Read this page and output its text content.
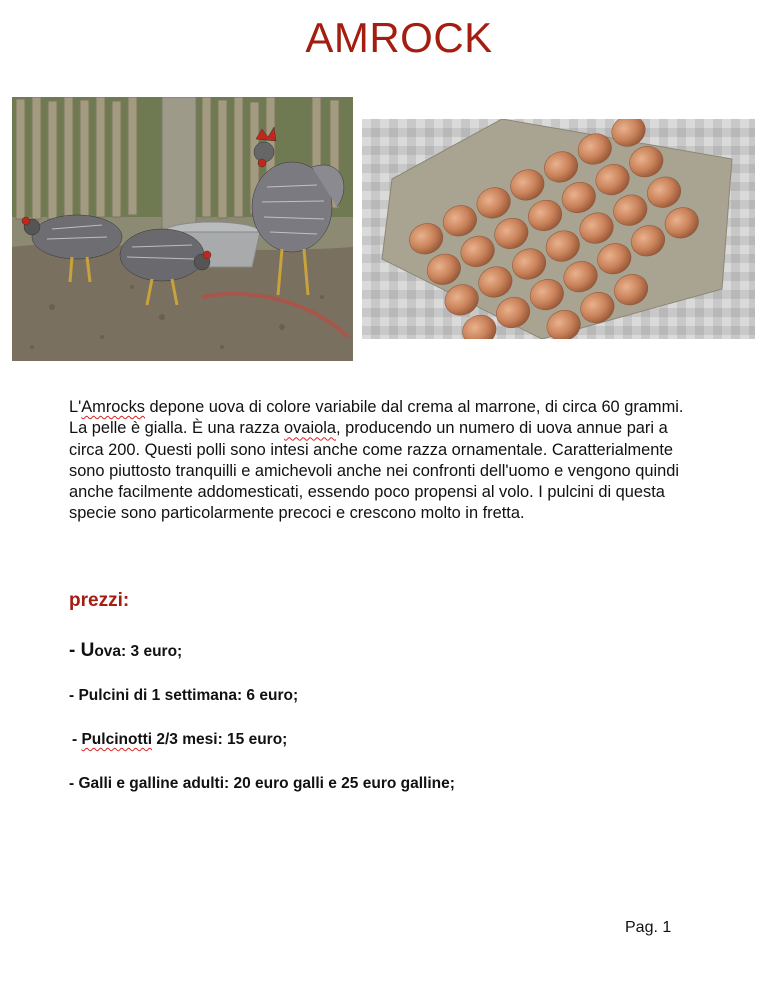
AMROCK

L'Amrocks depone uova di colore variabile dal crema al marrone, di circa 60 grammi. La pelle è gialla. È una razza ovaiola, producendo un numero di uova annue pari a circa 200. Questi polli sono intesi anche come razza ornamentale. Caratterialmente sono piuttosto tranquilli e amichevoli anche nei confronti dell'uomo e vengono quindi anche facilmente addomesticati, essendo poco propensi al volo. I pulcini di questa specie sono particolarmente precoci e crescono molto in fretta.

prezzi:
- Uova: 3 euro;
- Pulcini di 1 settimana: 6 euro;
- Pulcinotti 2/3 mesi: 15 euro;
- Galli e galline adulti: 20 euro galli e 25 euro galline;
Pag. 1
